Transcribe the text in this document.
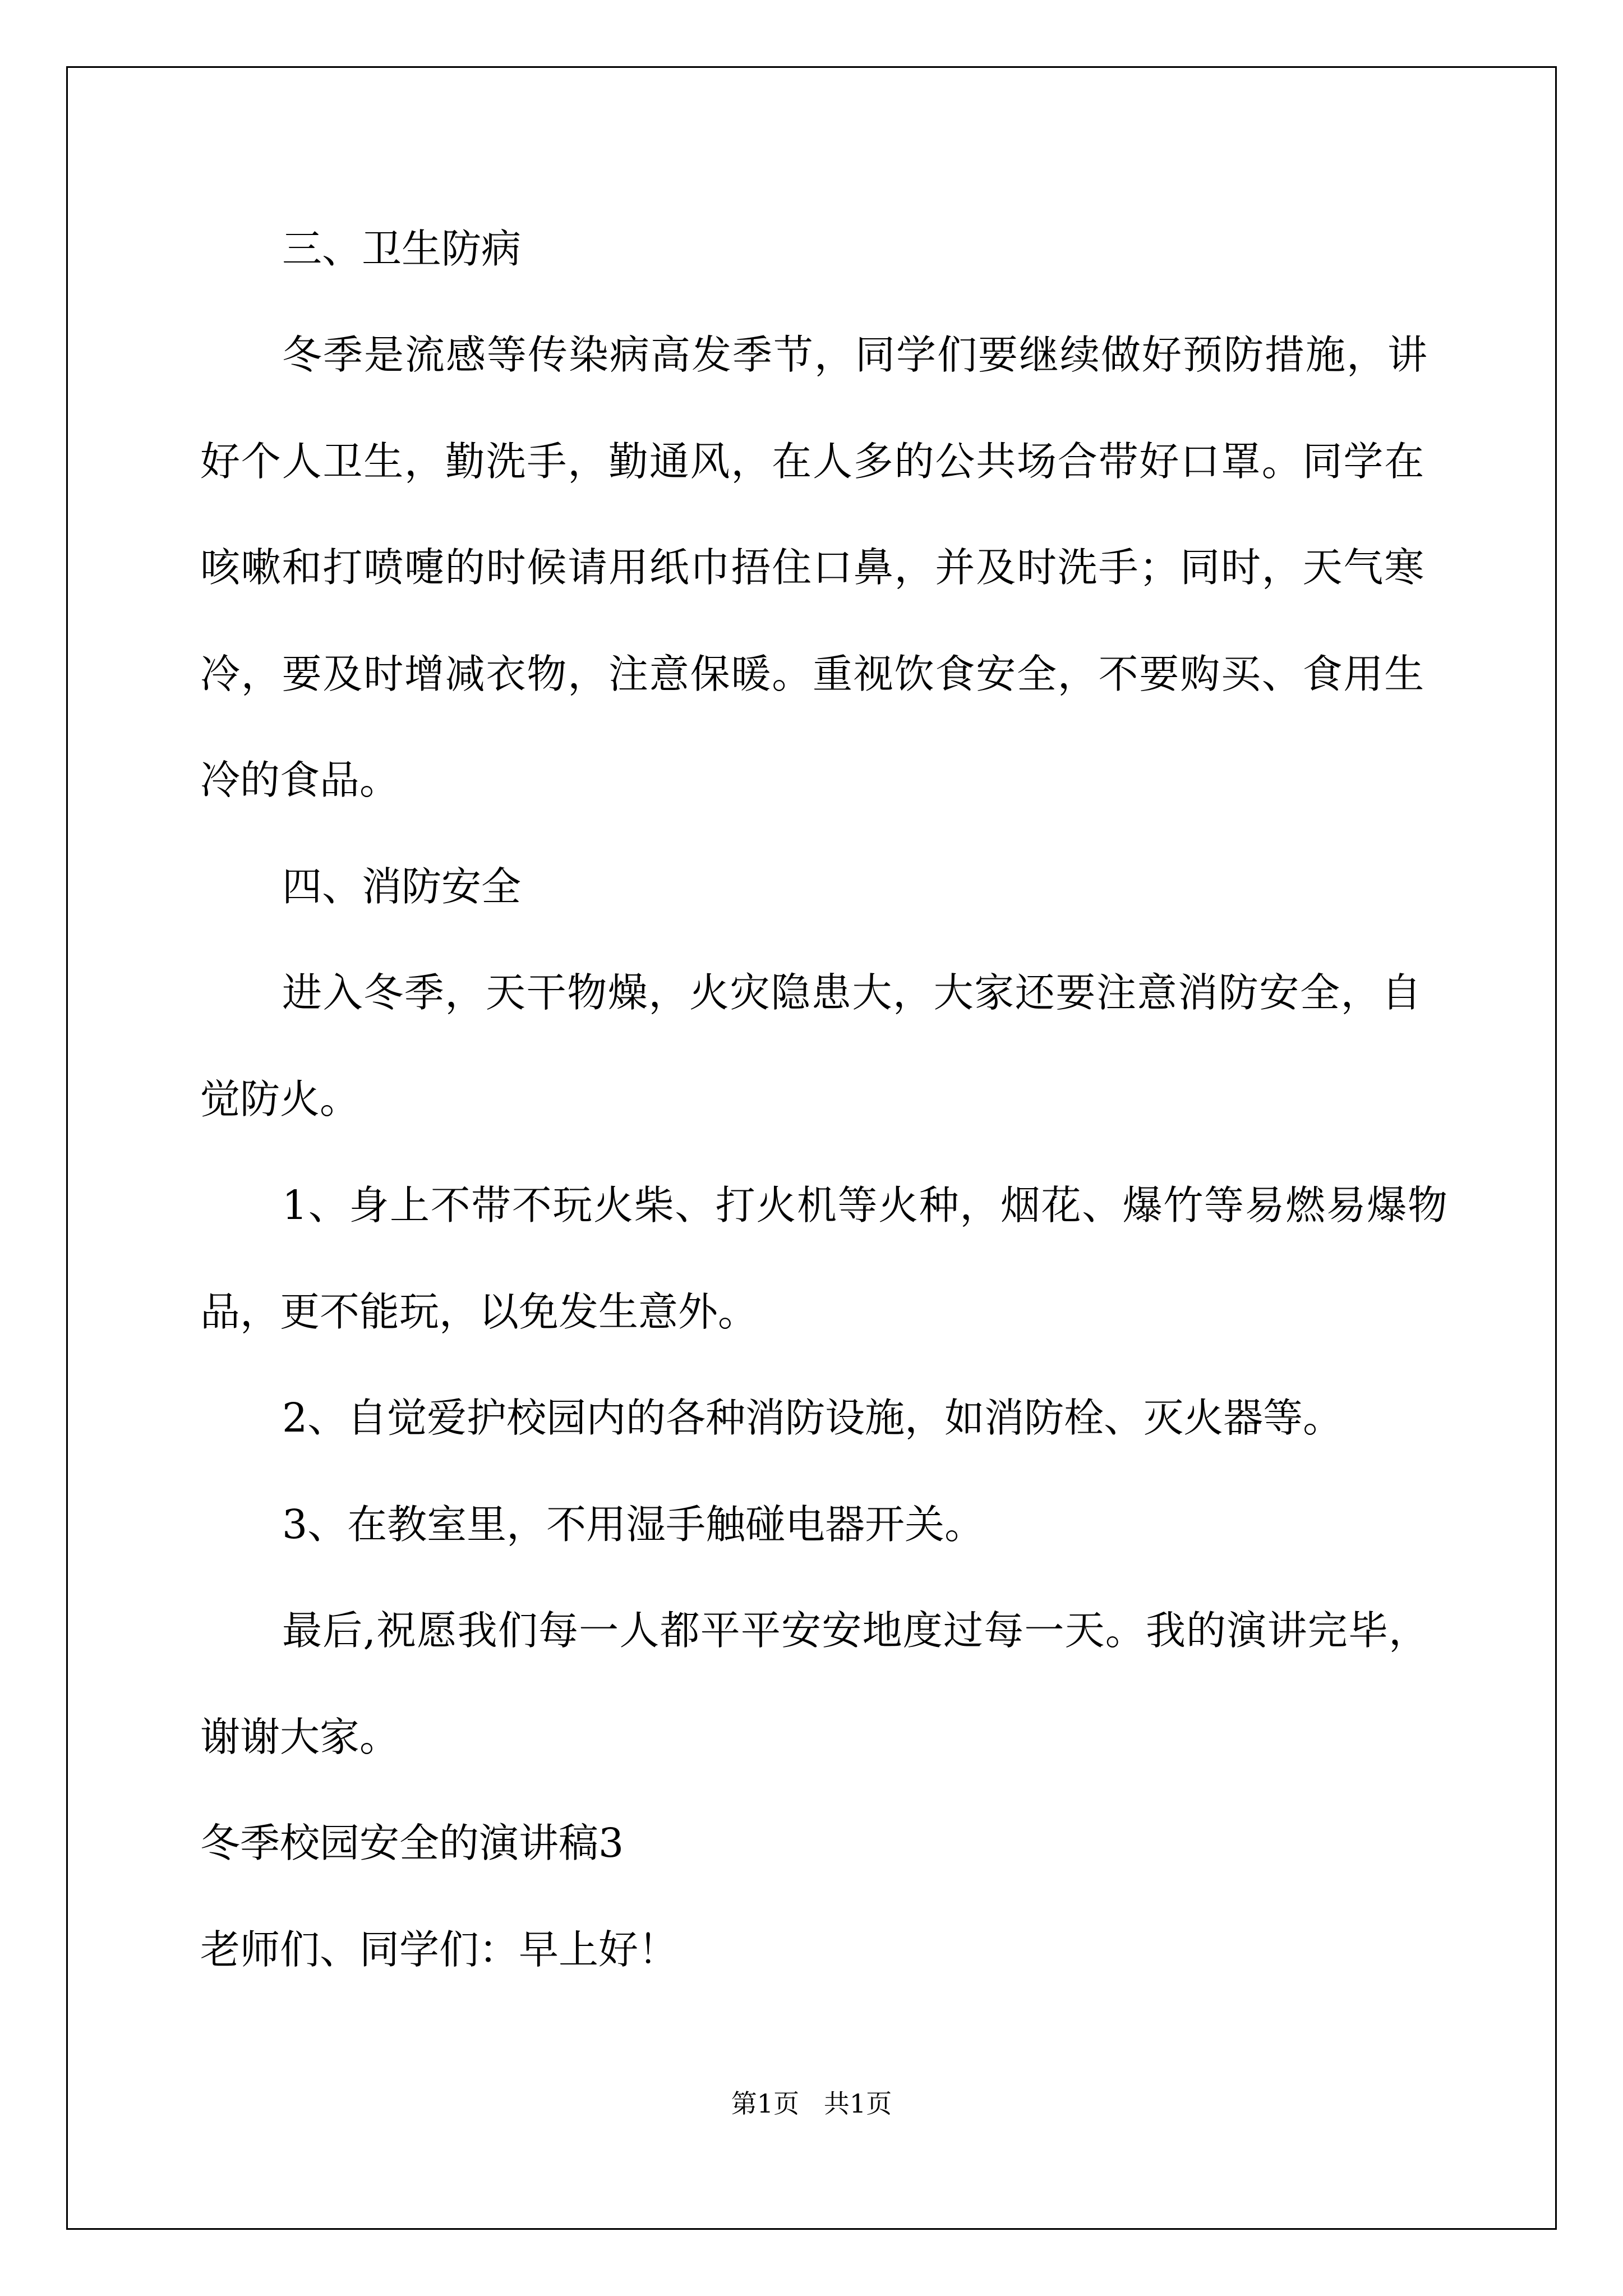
三、卫生防病
冬季是流感等传染病高发季节，同学们要继续做好预防措施，讲
好个人卫生，勤洗手，勤通风，在人多的公共场合带好口罩。同学在
咳嗽和打喷嚏的时候请用纸巾捂住口鼻，并及时洗手；同时，天气寒
冷，要及时增减衣物，注意保暖。重视饮食安全，不要购买、食用生
冷的食品。
四、消防安全
进入冬季，天干物燥，火灾隐患大，大家还要注意消防安全，自
觉防火。
1、身上不带不玩火柴、打火机等火种，烟花、爆竹等易燃易爆物
品，更不能玩，以免发生意外。
2、自觉爱护校园内的各种消防设施，如消防栓、灭火器等。
3、在教室里，不用湿手触碰电器开关。
最后,祝愿我们每一人都平平安安地度过每一天。我的演讲完毕，
谢谢大家。
冬季校园安全的演讲稿3
老师们、同学们：早上好！
第1页   共1页
